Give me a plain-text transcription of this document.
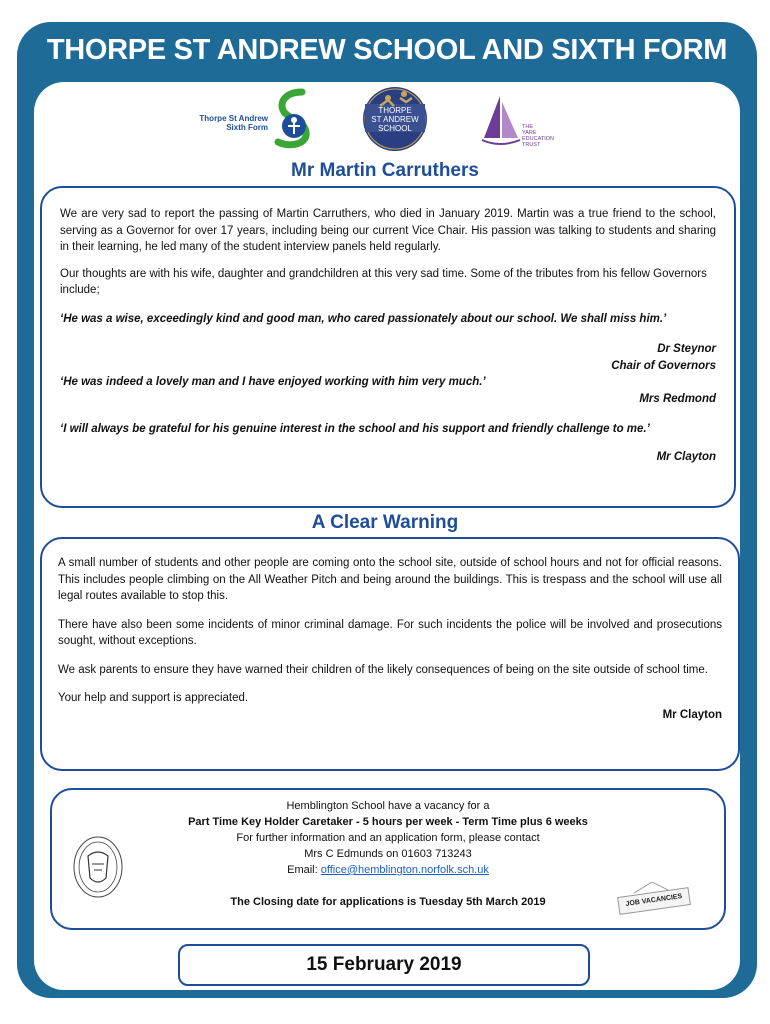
THORPE ST ANDREW SCHOOL AND SIXTH FORM
Thorpe St Andrew
Sixth Form
THORPE
ST ANDREW
SCHOOL	THE
YARE EDUCATION
TRUST
Mr Martin Carruthers

We are very sad to report the passing of Martin Carruthers, who died in January 2019. Martin was a true friend to the school, serving as a Governor for over 17 years, including being our current Vice Chair. His passion was talking to students and sharing in their learning, he led many of the student interview panels held regularly.

Our thoughts are with his wife, daughter and grandchildren at this very sad time. Some of the tributes from his fellow Governors include;

‘He was a wise, exceedingly kind and good man, who cared passionately about our school. We shall miss him.’

Dr Steynor

Chair of Governors

‘He was indeed a lovely man and I have enjoyed working with him very much.’

Mrs Redmond

‘I will always be grateful for his genuine interest in the school and his support and friendly challenge to me.’

Mr Clayton

A Clear Warning

A small number of students and other people are coming onto the school site, outside of school hours and not for official reasons. This includes people climbing on the All Weather Pitch and being around the buildings. This is trespass and the school will use all legal routes available to stop this.

There have also been some incidents of minor criminal damage. For such incidents the police will be involved and prosecutions sought, without exceptions.

We ask parents to ensure they have warned their children of the likely consequences of being on the site outside of school time.

Your help and support is appreciated.

Mr Clayton

Hemblington School have a vacancy for a

Part Time Key Holder Caretaker - 5 hours per week - Term Time plus 6 weeks

For further information and an application form, please contact

Mrs C Edmunds on 01603 713243

Email: office@hemblington.norfolk.sch.uk

The Closing date for applications is Tuesday 5th March 2019	JOB VACANCIES
15 February 2019
